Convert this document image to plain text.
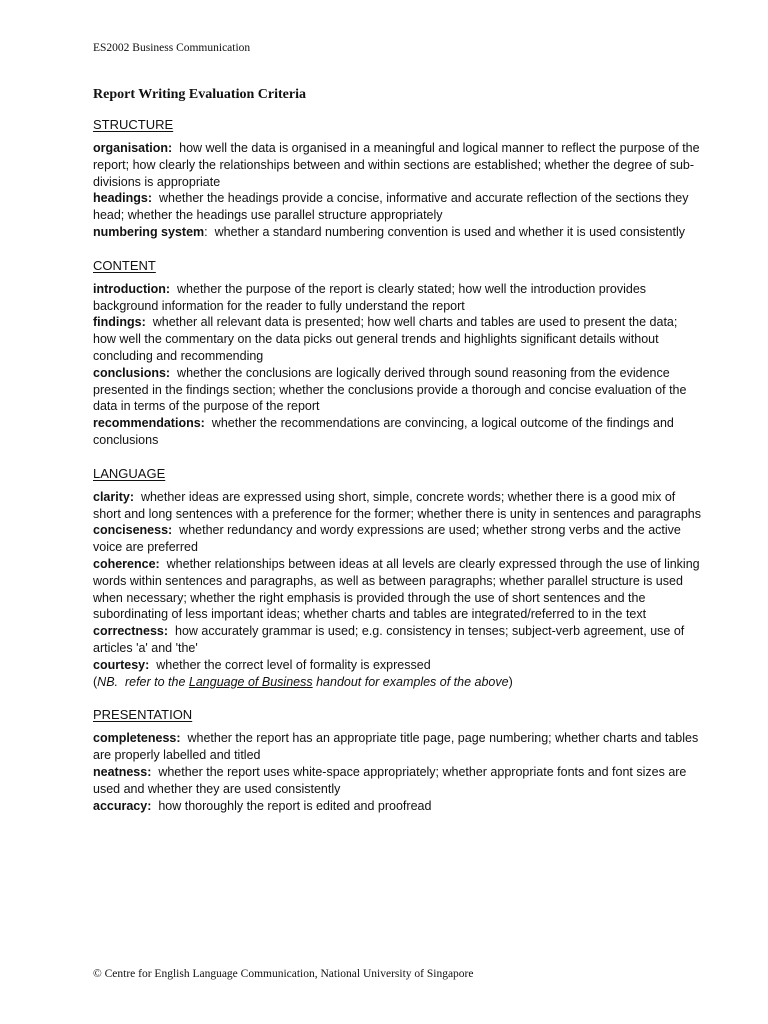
ES2002 Business Communication

Report Writing Evaluation Criteria

STRUCTURE

organisation: how well the data is organised in a meaningful and logical manner to reflect the purpose of the report; how clearly the relationships between and within sections are established; whether the degree of sub-divisions is appropriate

headings: whether the headings provide a concise, informative and accurate reflection of the sections they head; whether the headings use parallel structure appropriately

numbering system:  whether a standard numbering convention is used and whether it is used consistently

CONTENT

introduction: whether the purpose of the report is clearly stated; how well the introduction provides background information for the reader to fully understand the report

findings: whether all relevant data is presented; how well charts and tables are used to present the data; how well the commentary on the data picks out general trends and highlights significant details without concluding and recommending

conclusions: whether the conclusions are logically derived through sound reasoning from the evidence presented in the findings section; whether the conclusions provide a thorough and concise evaluation of the data in terms of the purpose of the report

recommendations: whether the recommendations are convincing, a logical outcome of the findings and conclusions

LANGUAGE

clarity: whether ideas are expressed using short, simple, concrete words; whether there is a good mix of short and long sentences with a preference for the former; whether there is unity in sentences and paragraphs

conciseness: whether redundancy and wordy expressions are used; whether strong verbs and the active voice are preferred

coherence: whether relationships between ideas at all levels are clearly expressed through the use of linking words within sentences and paragraphs, as well as between paragraphs; whether parallel structure is used when necessary; whether the right emphasis is provided through the use of short sentences and the subordinating of less important ideas; whether charts and tables are integrated/referred to in the text

correctness: how accurately grammar is used; e.g. consistency in tenses; subject-verb agreement, use of articles 'a' and 'the'

courtesy: whether the correct level of formality is expressed

(NB.  refer to the Language of Business handout for examples of the above)

PRESENTATION

completeness: whether the report has an appropriate title page, page numbering; whether charts and tables are properly labelled and titled

neatness: whether the report uses white-space appropriately; whether appropriate fonts and font sizes are used and whether they are used consistently

accuracy: how thoroughly the report is edited and proofread

© Centre for English Language Communication, National University of Singapore
